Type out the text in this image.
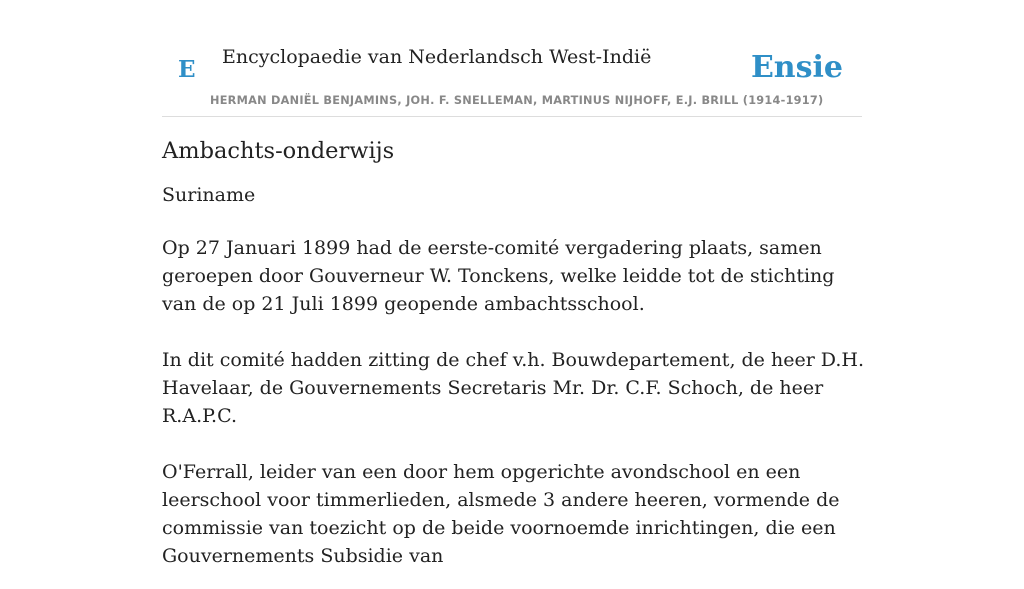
E Encyclopaedie van Nederlandsch West-Indië	Ensie
HERMAN DANIËL BENJAMINS, JOH. F. SNELLEMAN, MARTINUS NIJHOFF, E.J. BRILL (1914-1917)
Ambachts-onderwijs
Suriname

Op 27 Januari 1899 had de eerste-comité vergadering plaats, samen geroepen door Gouverneur W. Tonckens, welke leidde tot de stichting van de op 21 Juli 1899 geopende ambachtsschool.

In dit comité hadden zitting de chef v.h. Bouwdepartement, de heer D.H. Havelaar, de Gouvernements Secretaris Mr. Dr. C.F. Schoch, de heer R.A.P.C.

O'Ferrall, leider van een door hem opgerichte avondschool en een leerschool voor timmerlieden, alsmede 3 andere heeren, vormende de commissie van toezicht op de beide voornoemde inrichtingen, die een Gouvernements Subsidie van
